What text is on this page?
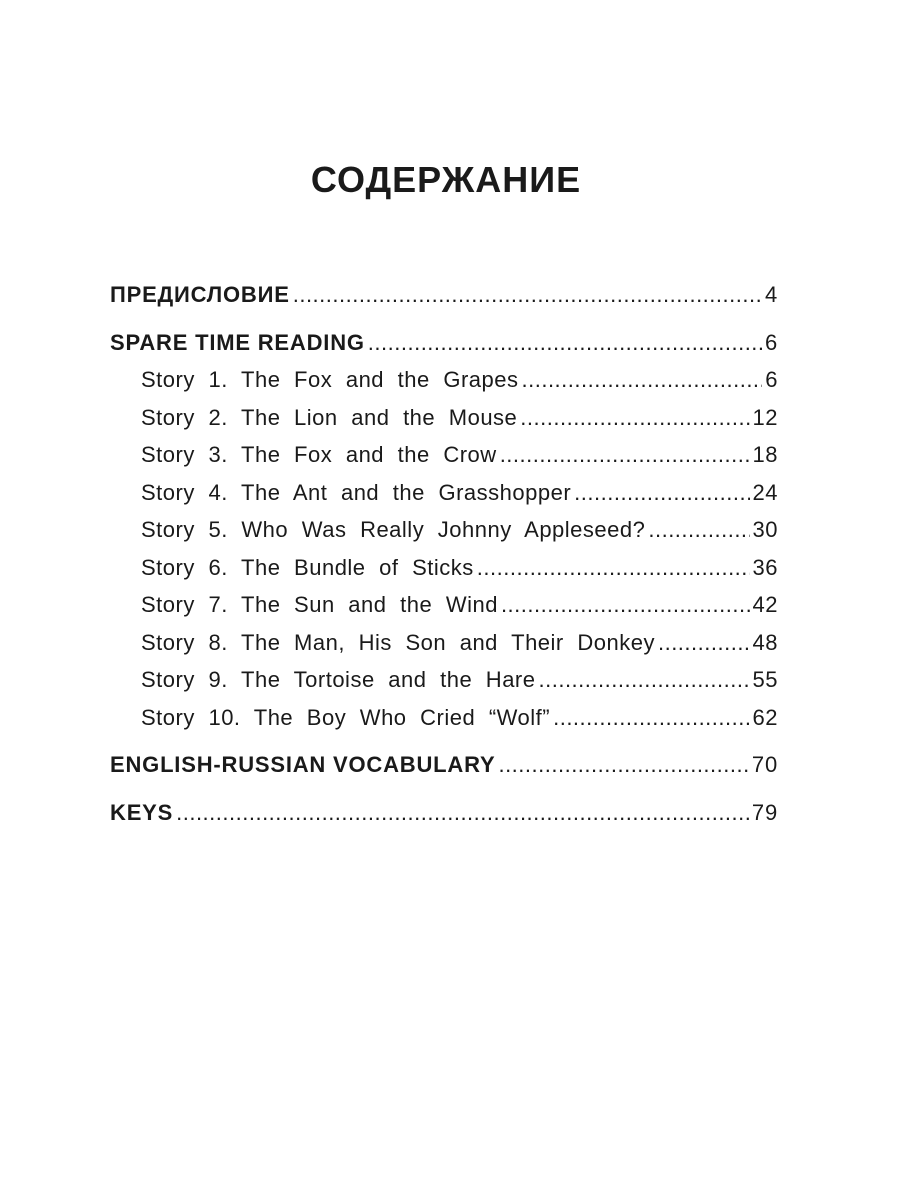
СОДЕРЖАНИЕ
ПРЕДИСЛОВИЕ .....	4
SPARE TIME READING .....	6
Story 1. The Fox and the Grapes .....	6
Story 2. The Lion and the Mouse .....	12
Story 3. The Fox and the Crow .....	18
Story 4. The Ant and the Grasshopper .....	24
Story 5. Who Was Really Johnny Appleseed? .....	30
Story 6. The Bundle of Sticks .....	36
Story 7. The Sun and the Wind .....	42
Story 8. The Man, His Son and Their Donkey .....	48
Story 9. The Tortoise and the Hare .....	55
Story 10. The Boy Who Cried “Wolf” .....	62
ENGLISH-RUSSIAN VOCABULARY .....	70
KEYS .....	79
